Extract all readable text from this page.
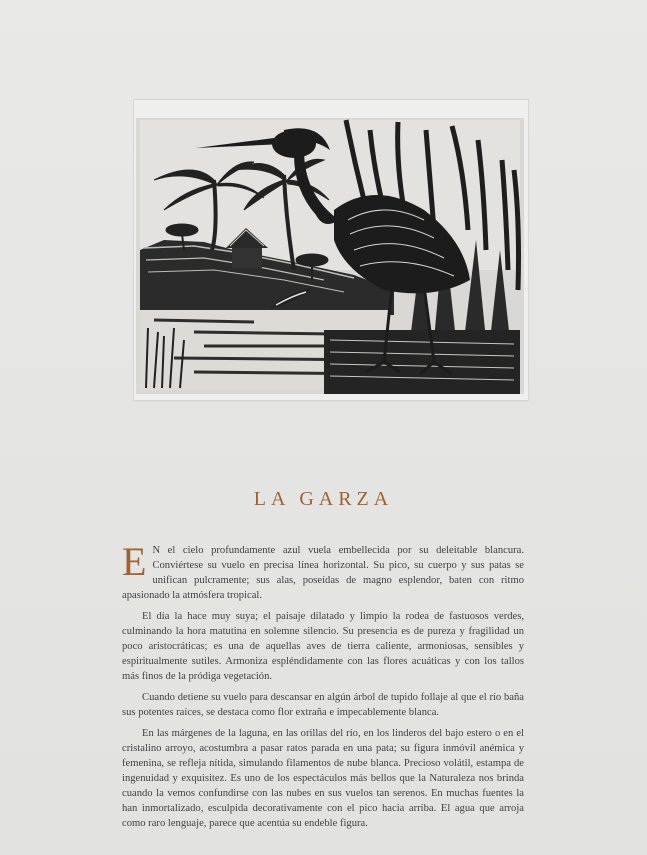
LA GARZA

E N el cielo profundamente azul vuela embellecida por su deleitable blancura. Conviértese su vuelo en precisa línea horizontal. Su pico, su cuerpo y sus patas se unifican pulcramente; sus alas, poseídas de magno esplendor, baten con ritmo apasionado la atmósfera tropical.

El día la hace muy suya; el paisaje dilatado y limpio la rodea de fastuosos verdes, culminando la hora matutina en solemne silencio. Su presencia es de pureza y fragilidad un poco aristocráticas; es una de aquellas aves de tierra caliente, armoniosas, sensibles y espiritualmente sutiles. Armoniza espléndidamente con las flores acuáticas y con los tallos más finos de la pródiga vegetación.

Cuando detiene su vuelo para descansar en algún árbol de tupido follaje al que el río baña sus potentes raíces, se destaca como flor extraña e impecablemente blanca.

En las márgenes de la laguna, en las orillas del río, en los linderos del bajo estero o en el cristalino arroyo, acostumbra a pasar ratos parada en una pata; su figura inmóvil anémica y femenina, se refleja nítida, simulando filamentos de nube blanca. Precioso volátil, estampa de ingenuidad y exquisitez. Es uno de los espectáculos más bellos que la Naturaleza nos brinda cuando la vemos confundirse con las nubes en sus vuelos tan serenos. En muchas fuentes la han inmortalizado, esculpida decorativamente con el pico hacia arriba. El agua que arroja como raro lenguaje, parece que acentúa su endeble figura.
